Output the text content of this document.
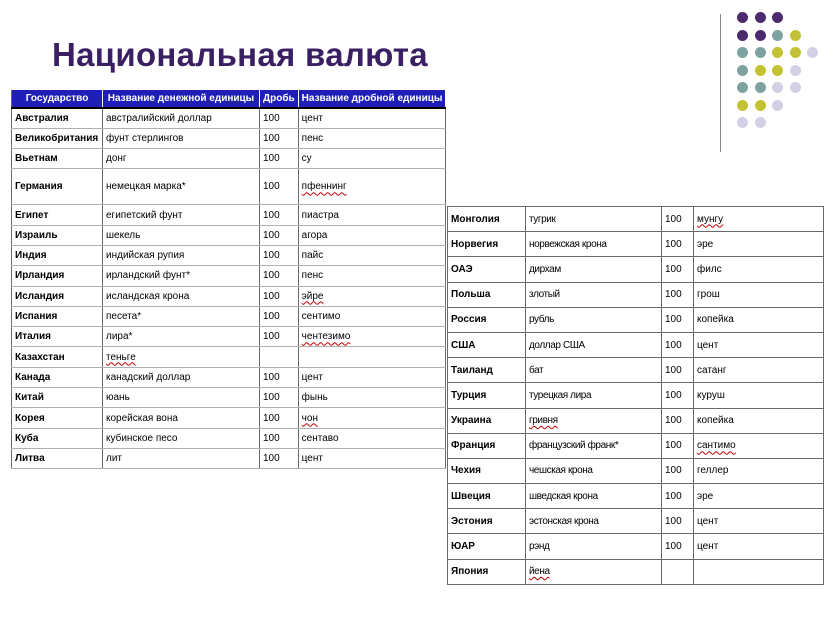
Национальная валюта
Государство	Название денежной единицы	Дробь	Название дробной единицы
Австралия	австралийский доллар	100	цент
Великобритания	фунт стерлингов	100	пенс
Вьетнам	донг	100	су
Германия	немецкая марка*	100	пфеннинг
Египет	египетский фунт	100	пиастра
Израиль	шекель	100	агора
Индия	индийская рупия	100	пайс
Ирландия	ирландский фунт*	100	пенс
Исландия	исландская крона	100	эйре
Испания	песета*	100	сентимо
Италия	лира*	100	чентезимо
Казахстан	теньге		
Канада	канадский доллар	100	цент
Китай	юань	100	фынь
Корея	корейская вона	100	чон
Куба	кубинское песо	100	сентаво
Литва	лит	100	цент
Монголия	тугрик	100	мунгу
Норвегия	норвежская крона	100	эре
ОАЭ	дирхам	100	филс
Польша	злотый	100	грош
Россия	рубль	100	копейка
США	доллар США	100	цент
Таиланд	бат	100	сатанг
Турция	турецкая лира	100	куруш
Украина	гривня	100	копейка
Франция	французский франк*	100	сантимо
Чехия	чешская крона	100	геллер
Швеция	шведская крона	100	эре
Эстония	эстонская крона	100	цент
ЮАР	рэнд	100	цент
Япония	йена		
